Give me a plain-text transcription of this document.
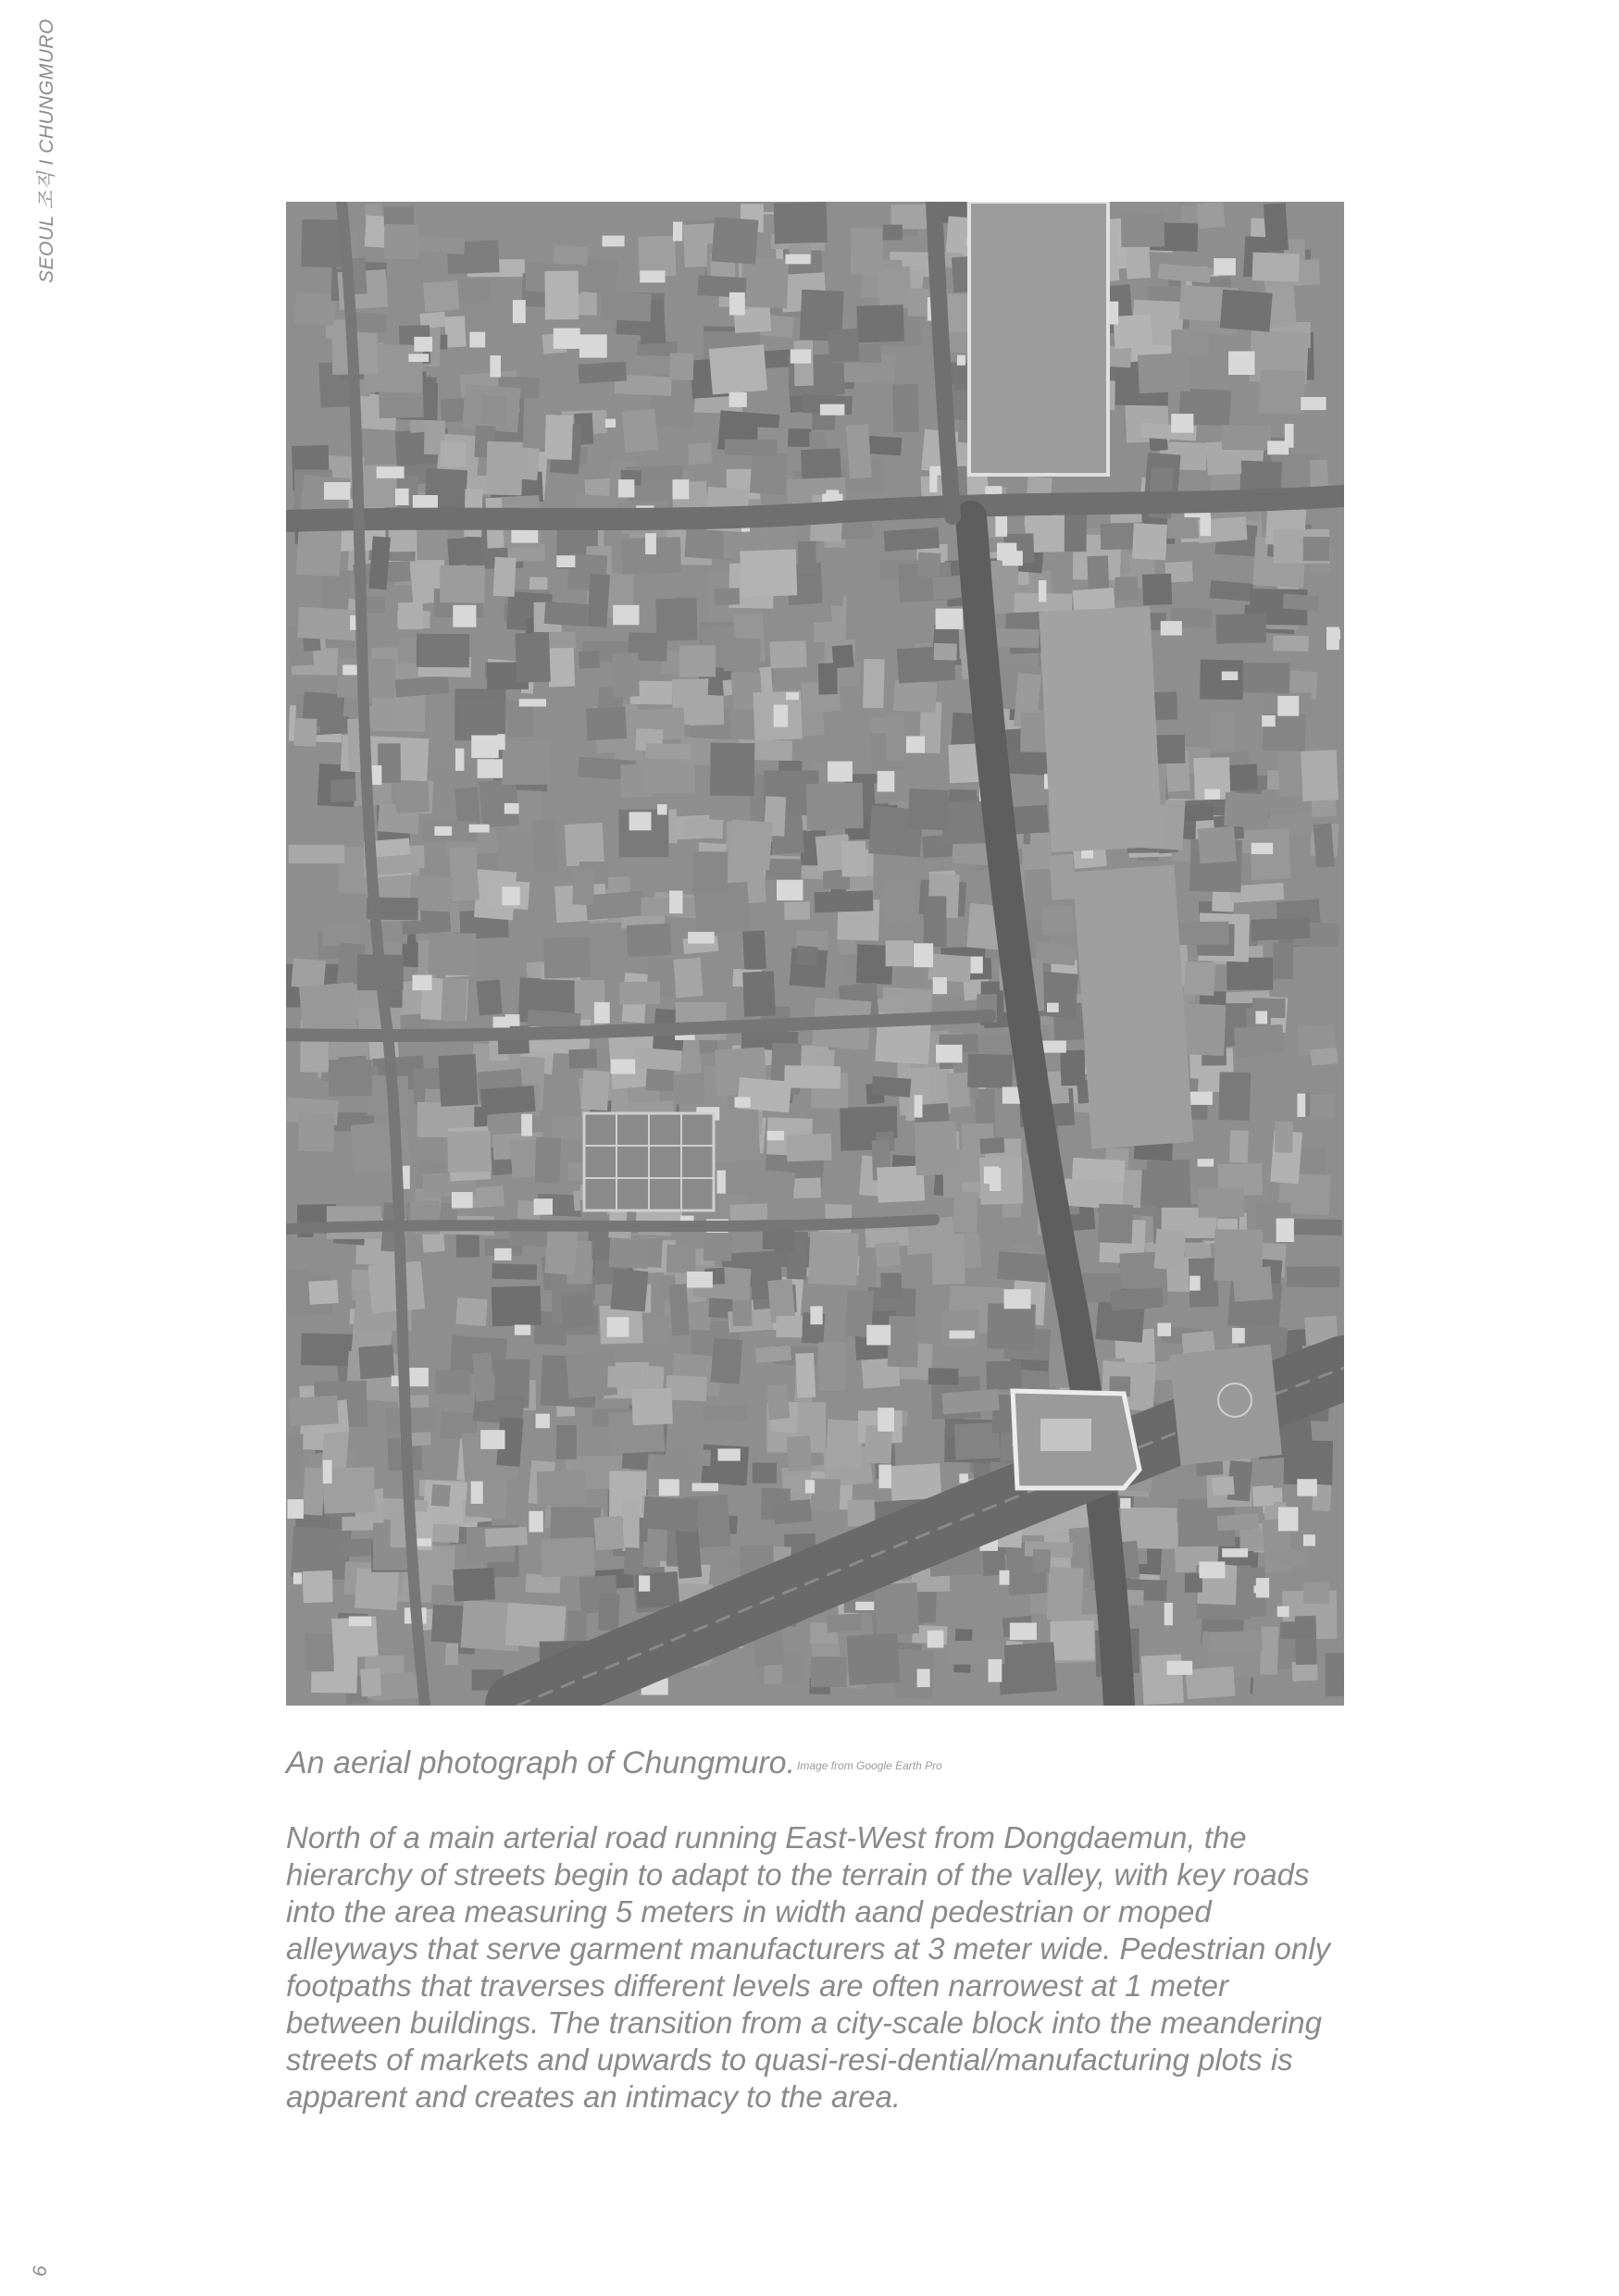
SEOUL 조직 I CHUNGMURO
An aerial photograph of Chungmuro. Image from Google Earth Pro

North of a main arterial road running East-West from Dongdaemun, the hierarchy of streets begin to adapt to the terrain of the valley, with key roads into the area measuring 5 meters in width aand pedestrian or moped alleyways that serve garment manufacturers at 3 meter wide. Pedestrian only footpaths that traverses different levels are often narrowest at 1 meter between buildings. The transition from a city-scale block into the meandering streets of markets and upwards to quasi-resi-dential/manufacturing plots is apparent and creates an intimacy to the area.

6
